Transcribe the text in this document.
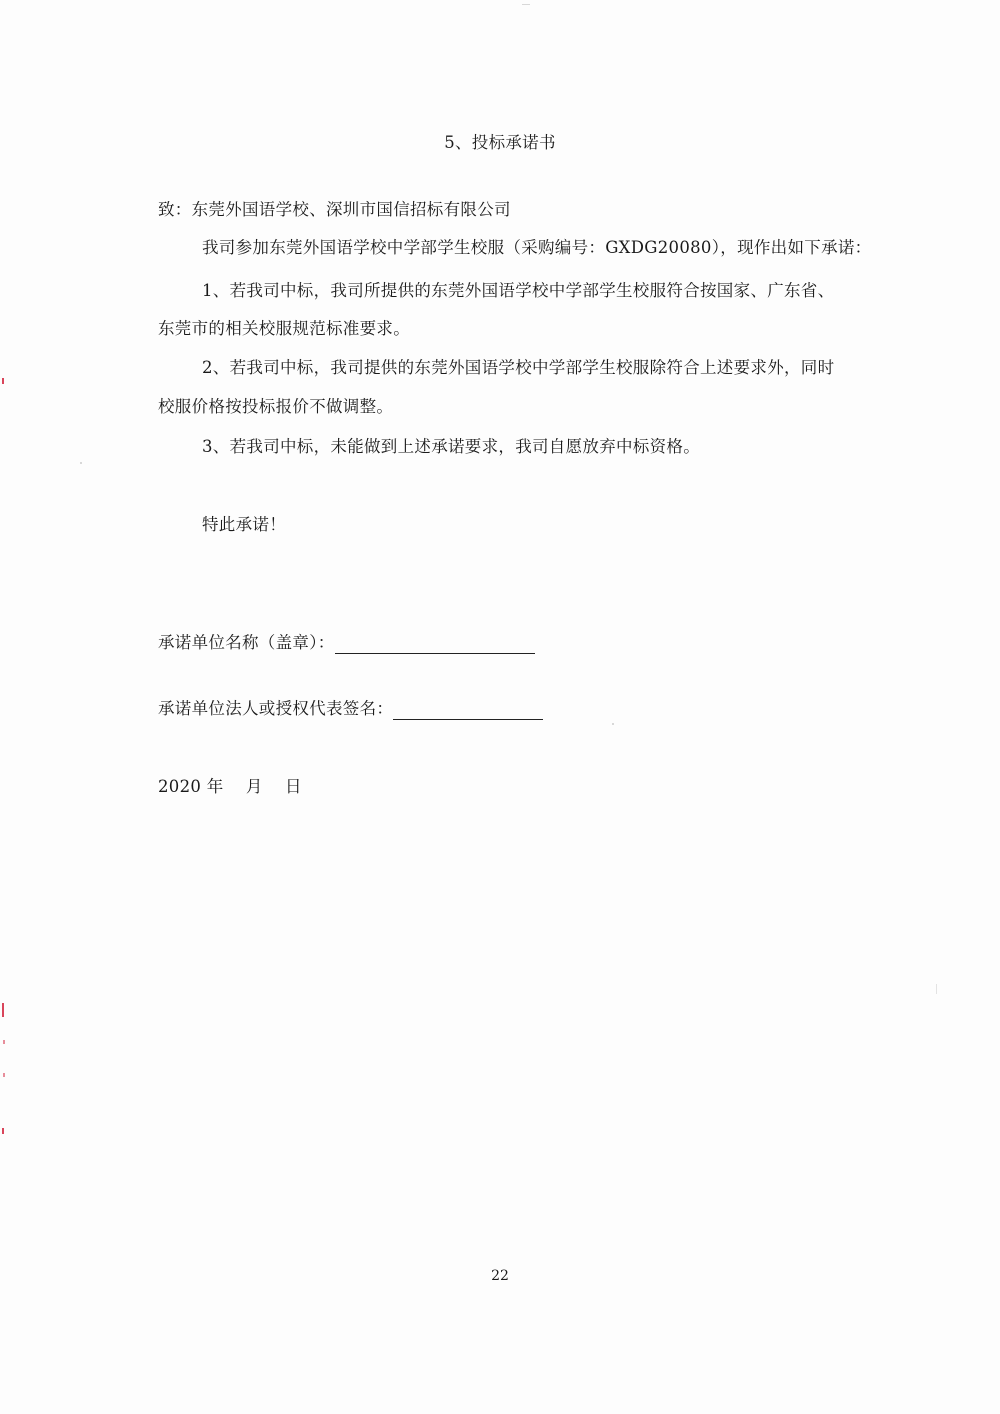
5、投标承诺书
致：东莞外国语学校、深圳市国信招标有限公司
我司参加东莞外国语学校中学部学生校服（采购编号：GXDG20080），现作出如下承诺：
1、若我司中标，我司所提供的东莞外国语学校中学部学生校服符合按国家、广东省、
东莞市的相关校服规范标准要求。
2、若我司中标，我司提供的东莞外国语学校中学部学生校服除符合上述要求外，同时
校服价格按投标报价不做调整。
3、若我司中标，未能做到上述承诺要求，我司自愿放弃中标资格。
特此承诺！
承诺单位名称（盖章）：
承诺单位法人或授权代表签名：
2020 年　 月　 日
22
